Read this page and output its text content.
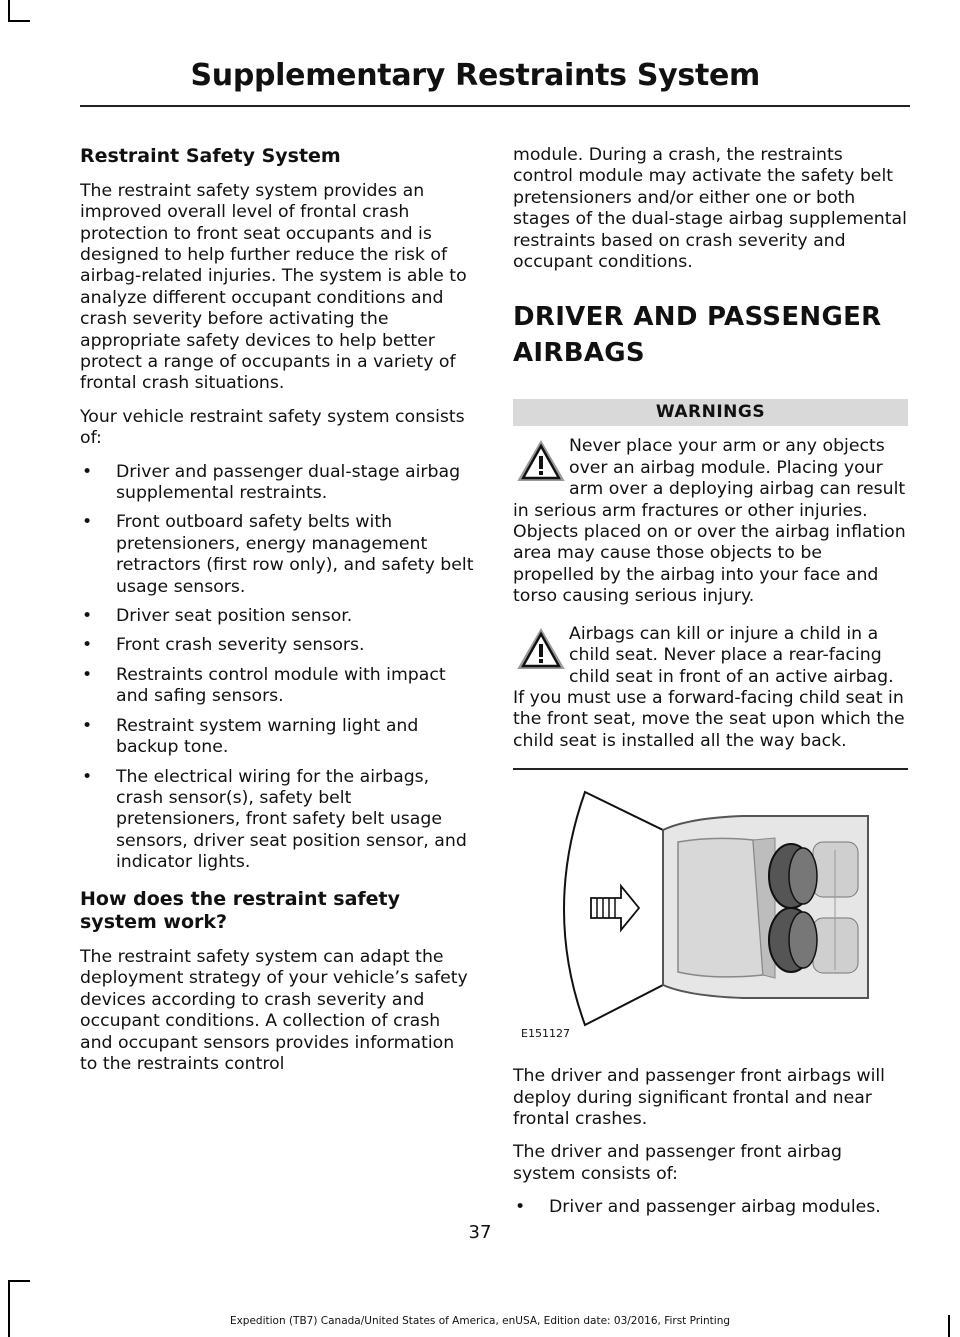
Supplementary Restraints System
Restraint Safety System

The restraint safety system provides an improved overall level of frontal crash protection to front seat occupants and is designed to help further reduce the risk of airbag-related injuries. The system is able to analyze different occupant conditions and crash severity before activating the appropriate safety devices to help better protect a range of occupants in a variety of frontal crash situations.

Your vehicle restraint safety system consists of:

• Driver and passenger dual-stage airbag supplemental restraints.
• Front outboard safety belts with pretensioners, energy management retractors (first row only), and safety belt usage sensors.
• Driver seat position sensor.
• Front crash severity sensors.
• Restraints control module with impact and safing sensors.
• Restraint system warning light and backup tone.
• The electrical wiring for the airbags, crash sensor(s), safety belt pretensioners, front safety belt usage sensors, driver seat position sensor, and indicator lights.
How does the restraint safety system work?

The restraint safety system can adapt the deployment strategy of your vehicle’s safety devices according to crash severity and occupant conditions. A collection of crash and occupant sensors provides information to the restraints control

module. During a crash, the restraints control module may activate the safety belt pretensioners and/or either one or both stages of the dual-stage airbag supplemental restraints based on crash severity and occupant conditions.

DRIVER AND PASSENGER AIRBAGS
WARNINGS
Never place your arm or any objects over an airbag module. Placing your arm over a deploying airbag can result in serious arm fractures or other injuries. Objects placed on or over the airbag inflation area may cause those objects to be propelled by the airbag into your face and torso causing serious injury.
Airbags can kill or injure a child in a child seat. Never place a rear-facing child seat in front of an active airbag. If you must use a forward-facing child seat in the front seat, move the seat upon which the child seat is installed all the way back.
E151127

The driver and passenger front airbags will deploy during significant frontal and near frontal crashes.

The driver and passenger front airbag system consists of:

• Driver and passenger airbag modules.
37
Expedition (TB7) Canada/United States of America, enUSA, Edition date: 03/2016, First Printing
